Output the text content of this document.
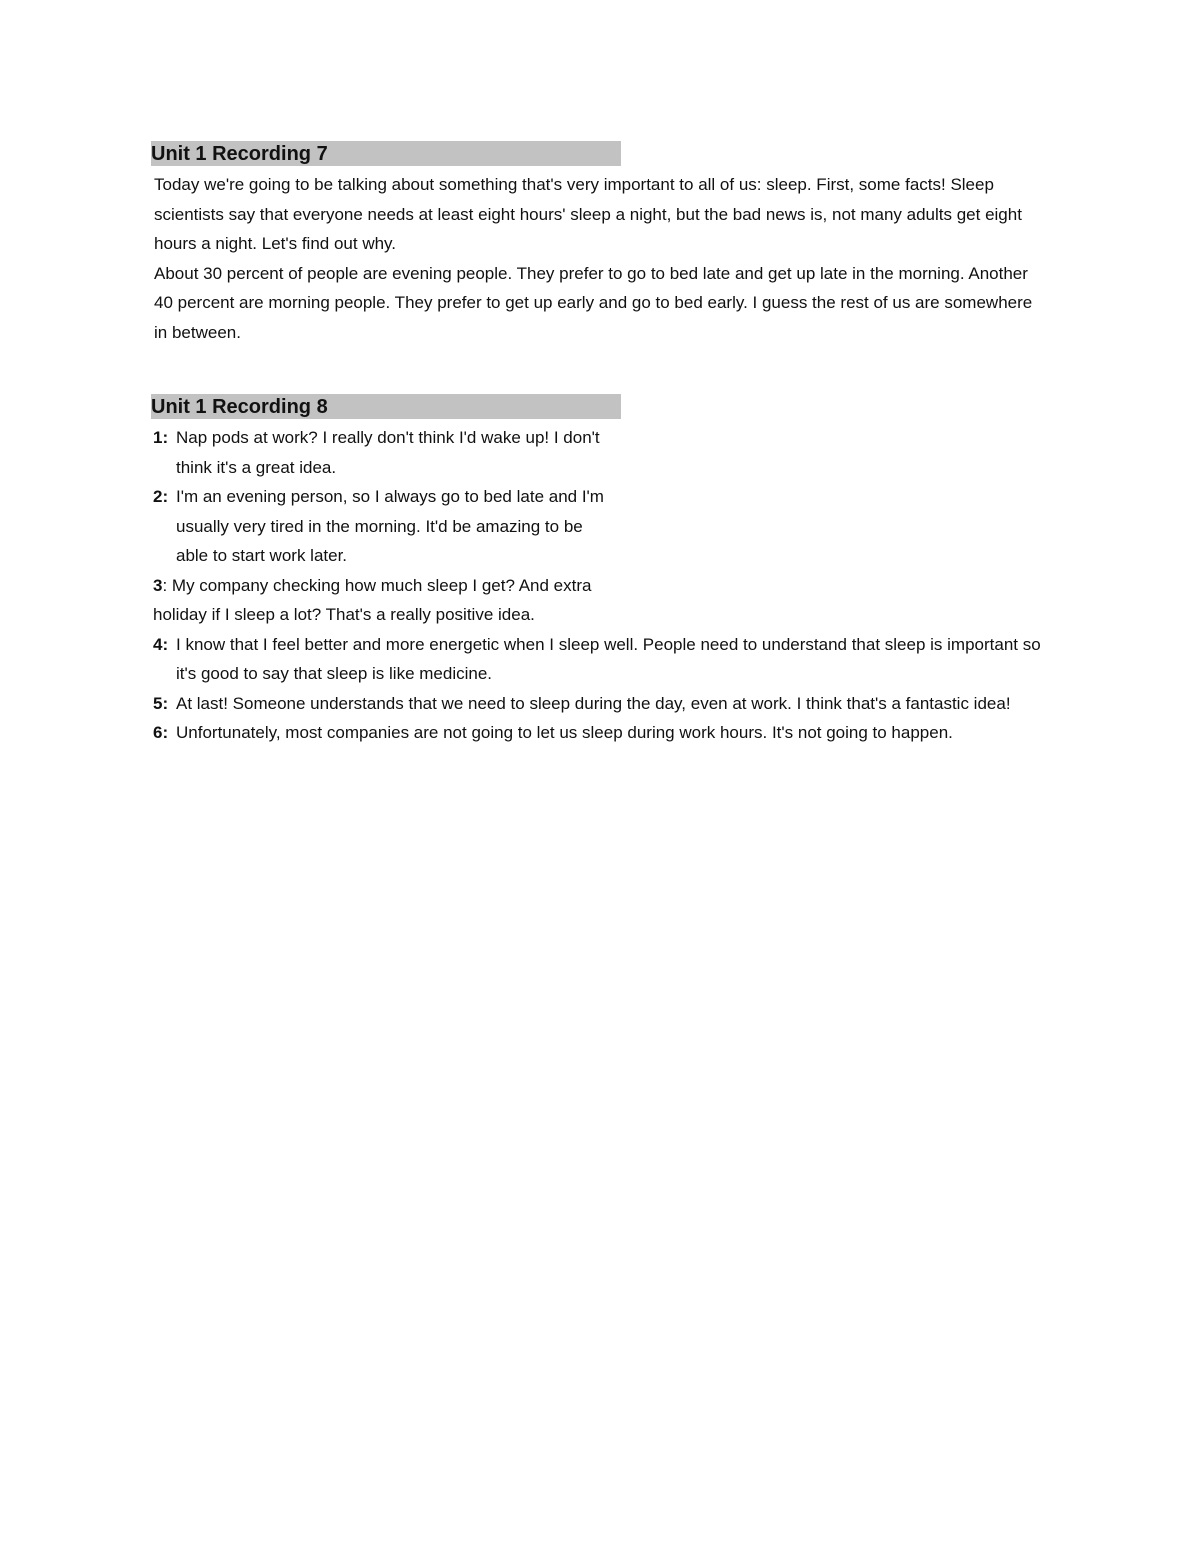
Unit 1 Recording 7

Today we're going to be talking about something that's very important to all of us: sleep. First, some facts! Sleep scientists say that everyone needs at least eight hours' sleep a night, but the bad news is, not many adults get eight hours a night. Let's find out why.

About 30 percent of people are evening people. They prefer to go to bed late and get up late in the morning. Another 40 percent are morning people. They prefer to get up early and go to bed early. I guess the rest of us are somewhere in between.

Unit 1 Recording 8
1: Nap pods at work? I really don't think I'd wake up! I don't think it's a great idea.
2: I'm an evening person, so I always go to bed late and I'm usually very tired in the morning. It'd be amazing to be able to start work later.
3: My company checking how much sleep I get? And extra holiday if I sleep a lot? That's a really positive idea.
4: I know that I feel better and more energetic when I sleep well. People need to understand that sleep is important so it's good to say that sleep is like medicine.
5: At last! Someone understands that we need to sleep during the day, even at work. I think that's a fantastic idea!
6: Unfortunately, most companies are not going to let us sleep during work hours. It's not going to happen.
